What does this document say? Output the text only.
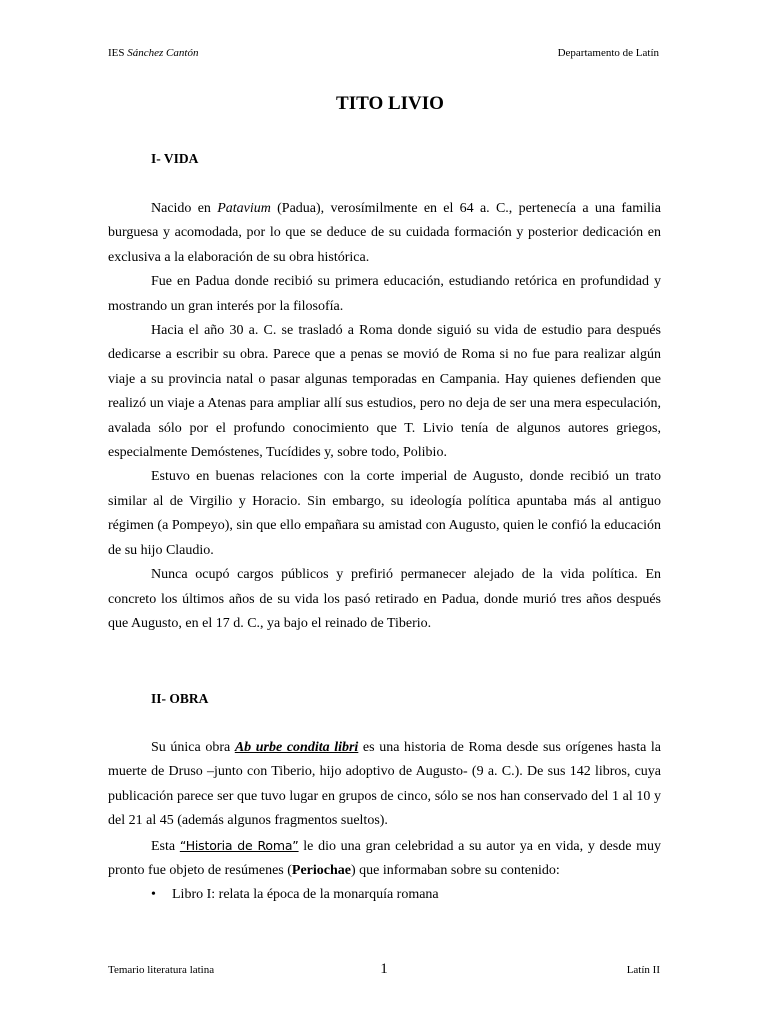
IES Sánchez Cantón	Departamento de Latín
TITO LIVIO
I- VIDA

Nacido en Patavium (Padua), verosímilmente en el 64 a. C., pertenecía a una familia burguesa y acomodada, por lo que se deduce de su cuidada formación y posterior dedicación en exclusiva a la elaboración de su obra histórica.

Fue en Padua donde recibió su primera educación, estudiando retórica en profundidad y mostrando un gran interés por la filosofía.

Hacia el año 30 a. C. se trasladó a Roma donde siguió su vida de estudio para después dedicarse a escribir su obra. Parece que a penas se movió de Roma si no fue para realizar algún viaje a su provincia natal o pasar algunas temporadas en Campania. Hay quienes defienden que realizó un viaje a Atenas para ampliar allí sus estudios, pero no deja de ser una mera especulación, avalada sólo por el profundo conocimiento que T. Livio tenía de algunos autores griegos, especialmente Demóstenes, Tucídides y, sobre todo, Polibio.

Estuvo en buenas relaciones con la corte imperial de Augusto, donde recibió un trato similar al de Virgilio y Horacio. Sin embargo, su ideología política apuntaba más al antiguo régimen (a Pompeyo), sin que ello empañara su amistad con Augusto, quien le confió la educación de su hijo Claudio.

Nunca ocupó cargos públicos y prefirió permanecer alejado de la vida política. En concreto los últimos años de su vida los pasó retirado en Padua, donde murió tres años después que Augusto, en el 17 d. C., ya bajo el reinado de Tiberio.

II- OBRA

Su única obra Ab urbe condita libri es una historia de Roma desde sus orígenes hasta la muerte de Druso –junto con Tiberio, hijo adoptivo de Augusto- (9 a. C.). De sus 142 libros, cuya publicación parece ser que tuvo lugar en grupos de cinco, sólo se nos han conservado del 1 al 10 y del 21 al 45 (además algunos fragmentos sueltos).

Esta “Historia de Roma” le dio una gran celebridad a su autor ya en vida, y desde muy pronto fue objeto de resúmenes (Periochae) que informaban sobre su contenido:

• Libro I: relata la época de la monarquía romana
Temario literatura latina	1	Latín II
